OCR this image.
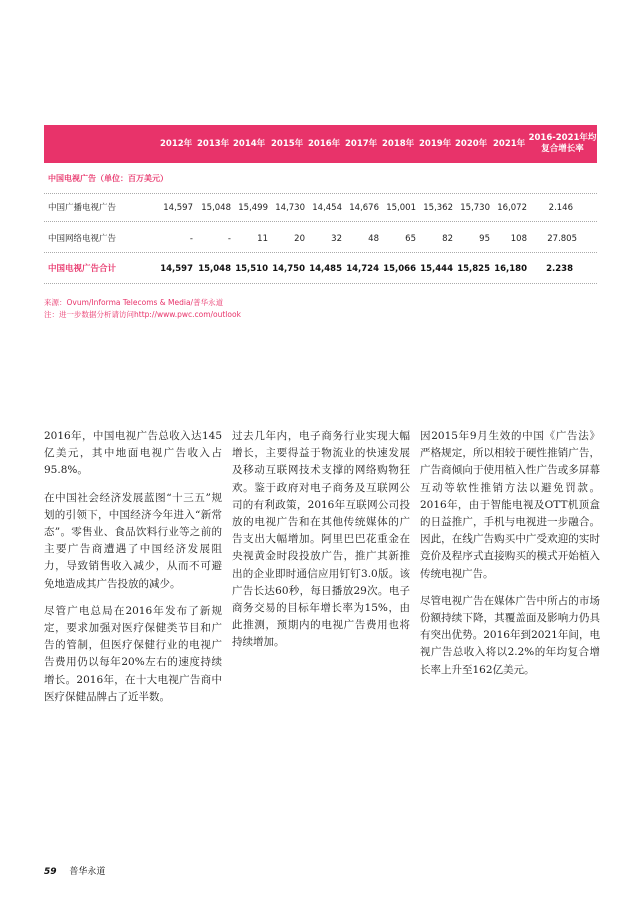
2012年 2013年 2014年 2015年 2016年 2017年 2018年 2019年 2020年 2021年
2016-2021年均
复合增长率
中国电视广告（单位：百万美元）
中国广播电视广告	14,597 15,048 15,499 14,730 14,454 14,676 15,001 15,362 15,730 16,072	2.146
中国网络电视广告	-	-	11	20	32	48	65	82	95 108 27.805
中国电视广告合计	14,597 15,048 15,510 14,750 14,485 14,724 15,066 15,444 15,825 16,180 2.238
来源：Ovum/Informa Telecoms & Media/普华永道
注：进一步数据分析请访问http://www.pwc.com/outlook

2016年，中国电视广告总收入达145亿美元，其中地面电视广告收入占95.8%。

在中国社会经济发展蓝图“十三五”规划的引领下，中国经济今年进入“新常态”。零售业、食品饮料行业等之前的主要广告商遭遇了中国经济发展阻力，导致销售收入减少，从而不可避免地造成其广告投放的减少。

尽管广电总局在2016年发布了新规定，要求加强对医疗保健类节目和广告的管制，但医疗保健行业的电视广告费用仍以每年20%左右的速度持续增长。2016年，在十大电视广告商中医疗保健品牌占了近半数。

过去几年内，电子商务行业实现大幅增长，主要得益于物流业的快速发展及移动互联网技术支撑的网络购物狂欢。鉴于政府对电子商务及互联网公司的有利政策，2016年互联网公司投放的电视广告和在其他传统媒体的广告支出大幅增加。阿里巴巴花重金在央视黄金时段投放广告，推广其新推出的企业即时通信应用钉钉3.0版。该广告长达60秒，每日播放29次。电子商务交易的目标年增长率为15%，由此推测，预期内的电视广告费用也将持续增加。

因2015年9月生效的中国《广告法》严格规定，所以相较于硬性推销广告，广告商倾向于使用植入性广告或多屏幕互动等软性推销方法以避免罚款。2016年，由于智能电视及OTT机顶盒的日益推广，手机与电视进一步融合。因此，在线广告购买中广受欢迎的实时竞价及程序式直接购买的模式开始植入传统电视广告。

尽管电视广告在媒体广告中所占的市场份额持续下降，其覆盖面及影响力仍具有突出优势。2016年到2021年间，电视广告总收入将以2.2%的年均复合增长率上升至162亿美元。

59 普华永道
